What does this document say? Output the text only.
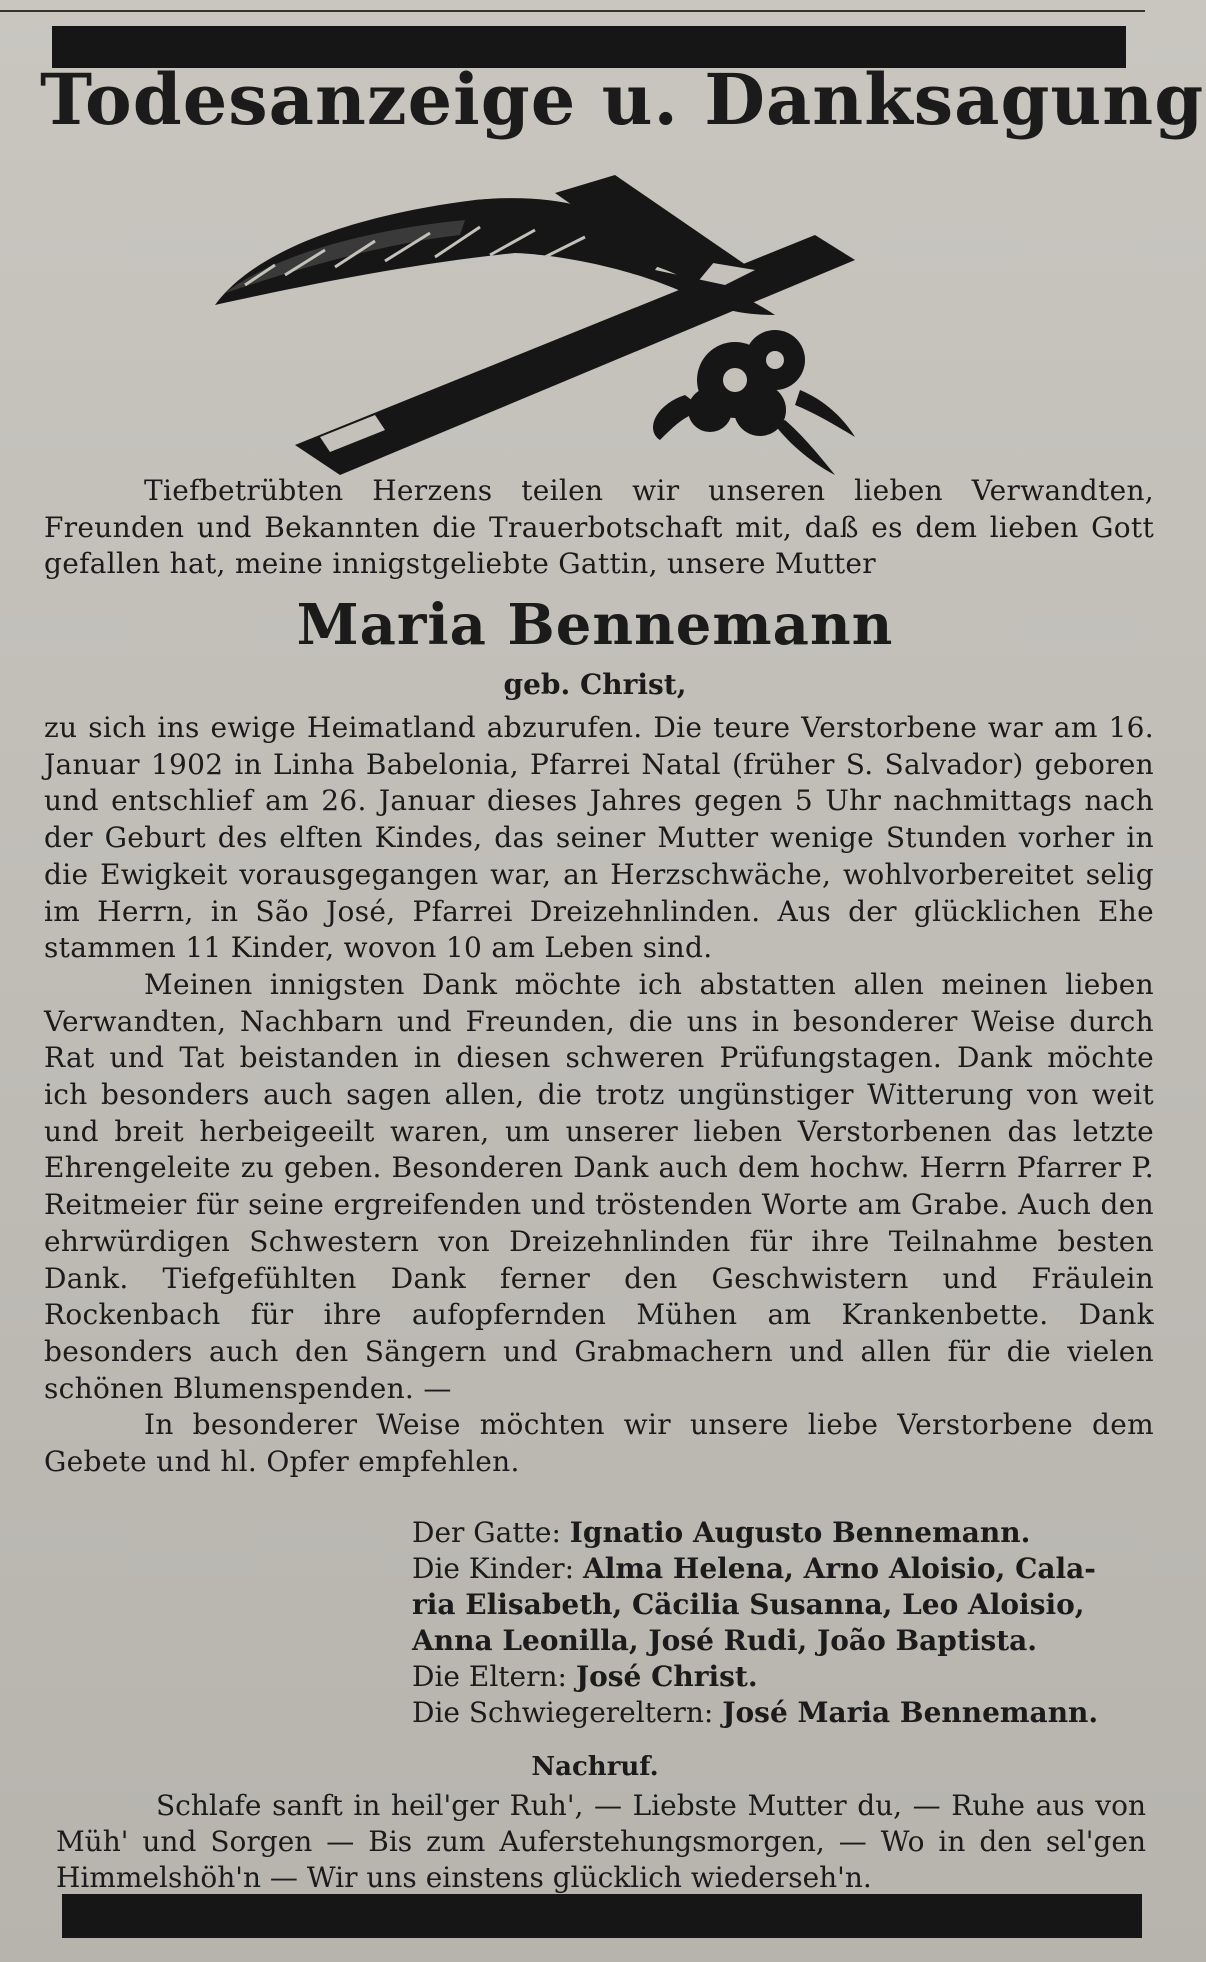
Todesanzeige u. Danksagung

Tiefbetrübten Herzens teilen wir unseren lieben Verwandten, Freunden und Bekannten die Trauerbotschaft mit, daß es dem lieben Gott gefallen hat, meine innigstgeliebte Gattin, unsere Mutter

Maria Bennemann
geb. Christ,

zu sich ins ewige Heimatland abzurufen. Die teure Verstorbene war am 16. Januar 1902 in Linha Babelonia, Pfarrei Natal (früher S. Salvador) geboren und entschlief am 26. Januar dieses Jahres gegen 5 Uhr nachmittags nach der Geburt des elften Kindes, das seiner Mutter wenige Stunden vorher in die Ewigkeit vorausgegangen war, an Herzschwäche, wohlvorbereitet selig im Herrn, in São José, Pfarrei Dreizehnlinden. Aus der glücklichen Ehe stammen 11 Kinder, wovon 10 am Leben sind.

Meinen innigsten Dank möchte ich abstatten allen meinen lieben Verwandten, Nachbarn und Freunden, die uns in besonderer Weise durch Rat und Tat beistanden in diesen schweren Prüfungstagen. Dank möchte ich besonders auch sagen allen, die trotz ungünstiger Witterung von weit und breit herbeigeeilt waren, um unserer lieben Verstorbenen das letzte Ehrengeleite zu geben. Besonderen Dank auch dem hochw. Herrn Pfarrer P. Reitmeier für seine ergreifenden und tröstenden Worte am Grabe. Auch den ehrwürdigen Schwestern von Dreizehnlinden für ihre Teilnahme besten Dank. Tiefgefühlten Dank ferner den Geschwistern und Fräulein Rockenbach für ihre aufopfernden Mühen am Krankenbette. Dank besonders auch den Sängern und Grabmachern und allen für die vielen schönen Blumenspenden. —

In besonderer Weise möchten wir unsere liebe Verstorbene dem Gebete und hl. Opfer empfehlen.

Der Gatte: Ignatio Augusto Bennemann.

Die Kinder: Alma Helena, Arno Aloisio, Cala-

ria Elisabeth, Cäcilia Susanna, Leo Aloisio,

Anna Leonilla, José Rudi, João Baptista.

Die Eltern: José Christ.

Die Schwiegereltern: José Maria Bennemann.

Nachruf.

Schlafe sanft in heil'ger Ruh', — Liebste Mutter du, — Ruhe aus von Müh' und Sorgen — Bis zum Auferstehungsmorgen, — Wo in den sel'gen Himmelshöh'n — Wir uns einstens glücklich wiederseh'n.
